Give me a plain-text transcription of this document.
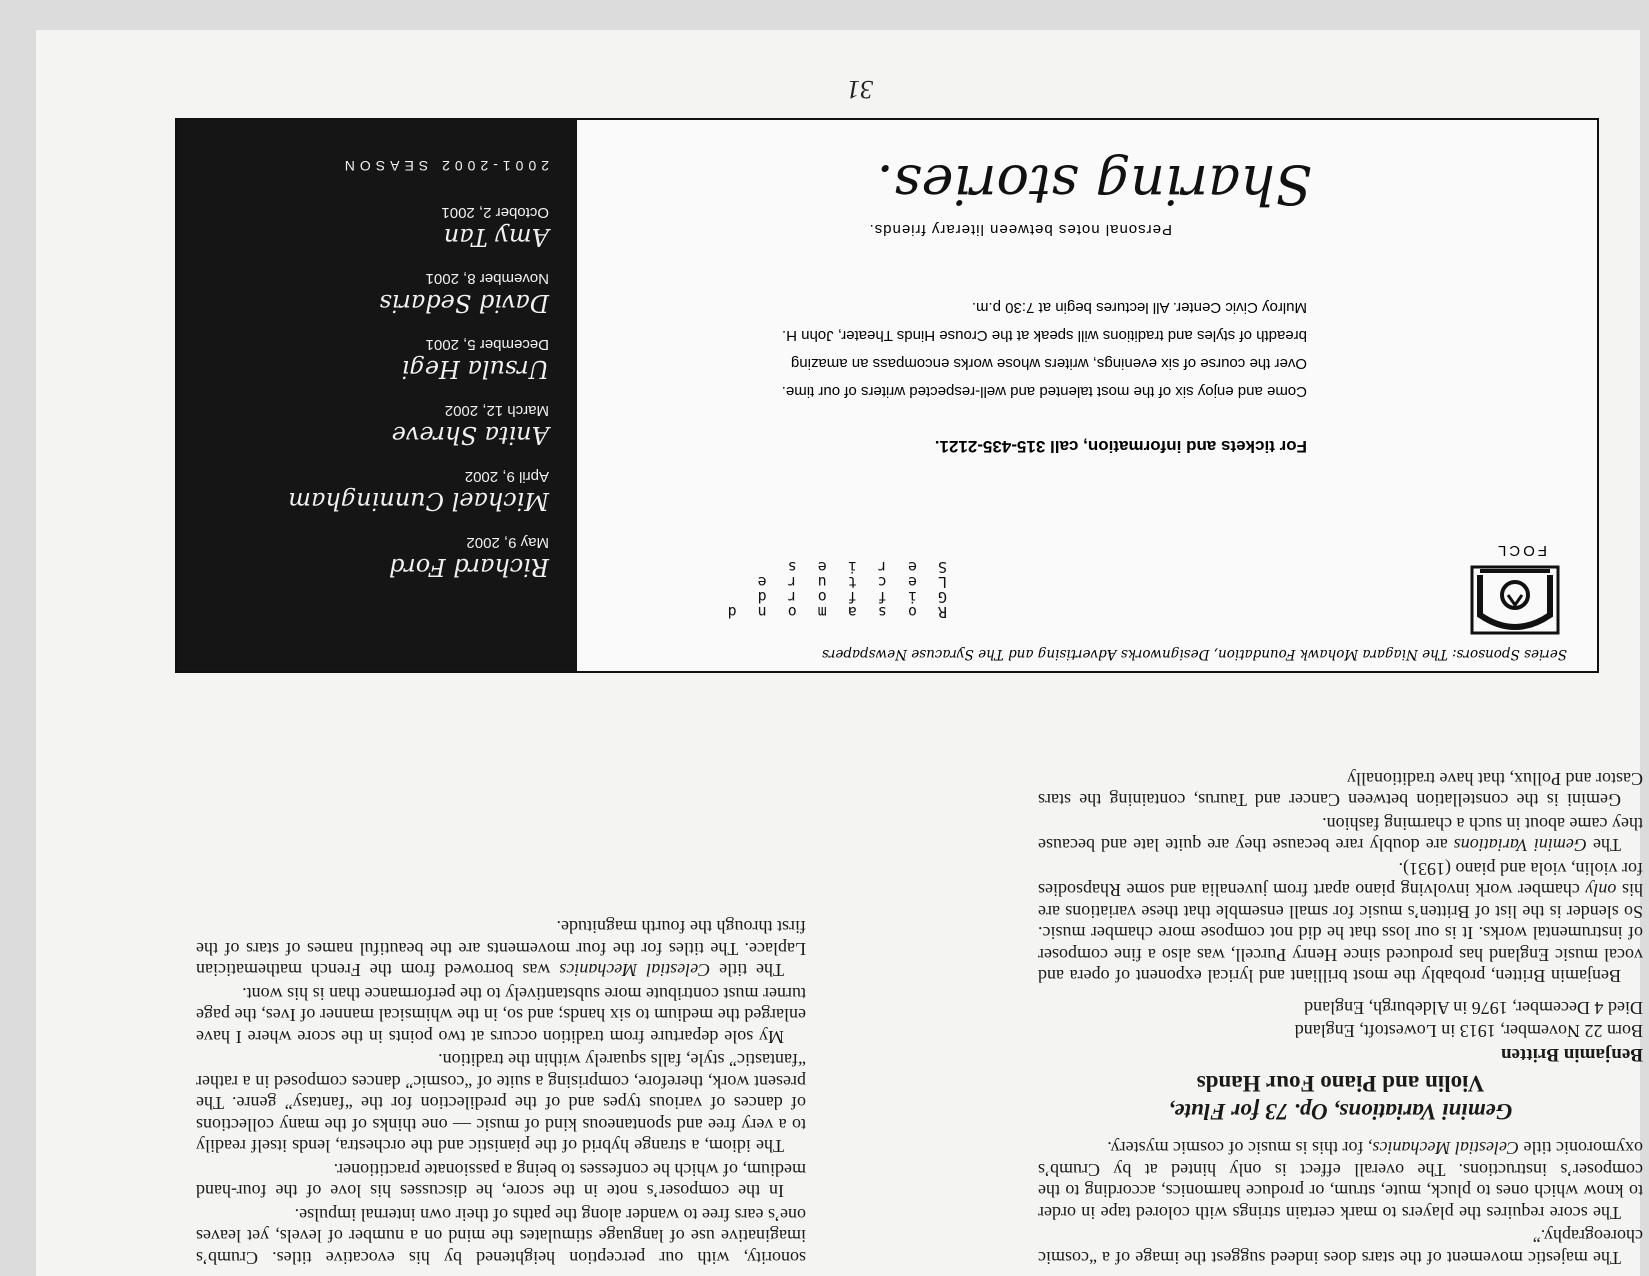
The majestic movement of the stars does indeed suggest the image of a “cosmic choreography.”

The score requires the players to mark certain strings with colored tape in order to know which ones to pluck, mute, strum, or produce harmonics, according to the composer’s instructions. The overall effect is only hinted at by Crumb’s oxymoronic title Celestial Mechanics, for this is music of cosmic mystery.

Gemini Variations, Op. 73 for Flute,
Violin and Piano Four Hands

Benjamin Britten

Born 22 November, 1913 in Lowestoft, England

Died 4 December, 1976 in Aldeburgh, England

Benjamin Britten, probably the most brilliant and lyrical exponent of opera and vocal music England has produced since Henry Purcell, was also a fine composer of instrumental works. It is our loss that he did not compose more chamber music. So slender is the list of Britten’s music for small ensemble that these variations are his only chamber work involving piano apart from juvenalia and some Rhapsodies for violin, viola and piano (1931).

The Gemini Variations are doubly rare because they are quite late and because they came about in such a charming fashion.

Gemini is the constellation between Cancer and Taurus, containing the stars Castor and Pollux, that have traditionally

sonority, with our perception heightened by his evocative titles. Crumb’s imaginative use of language stimulates the mind on a number of levels, yet leaves one’s ears free to wander along the paths of their own internal impulse.

In the composer’s note in the score, he discusses his love of the four-hand medium, of which he confesses to being a passionate practitioner.

The idiom, a strange hybrid of the pianistic and the orchestra, lends itself readily to a very free and spontaneous kind of music — one thinks of the many collections of dances of various types and of the predilection for the “fantasy” genre. The present work, therefore, comprising a suite of “cosmic” dances composed in a rather “fantastic” style, falls squarely within the tradition.

My sole departure from tradition occurs at two points in the score where I have enlarged the medium to six hands; and so, in the whimsical manner of Ives, the page turner must contribute more substantively to the performance than is his wont.

The title Celestial Mechanics was borrowed from the French mathematician Laplace. The titles for the four movements are the beautiful names of stars of the first through the fourth magnitude.

Sharing stories.
Personal notes between literary friends.
Come and enjoy six of the most talented and well-respected writers of our time. Over the course of six evenings, writers whose works encompass an amazing breadth of styles and traditions will speak at the Crouse Hinds Theater, John H. Mulroy Civic Center. All lectures begin at 7:30 p.m.
For tickets and information, call 315-435-2121.
FOCL
R o s a m o n d
G i f f o r d
L e c t u r e
S e r i e s
Series Sponsors: The Niagara Mohawk Foundation, Designworks Advertising and The Syracuse Newspapers
2001-2002 SEASON
Amy Tan
October 2, 2001
David Sedaris
November 8, 2001
Ursula Hegi
December 5, 2001
Anita Shreve
March 12, 2002
Michael Cunningham
April 9, 2002
Richard Ford
May 9, 2002
31
